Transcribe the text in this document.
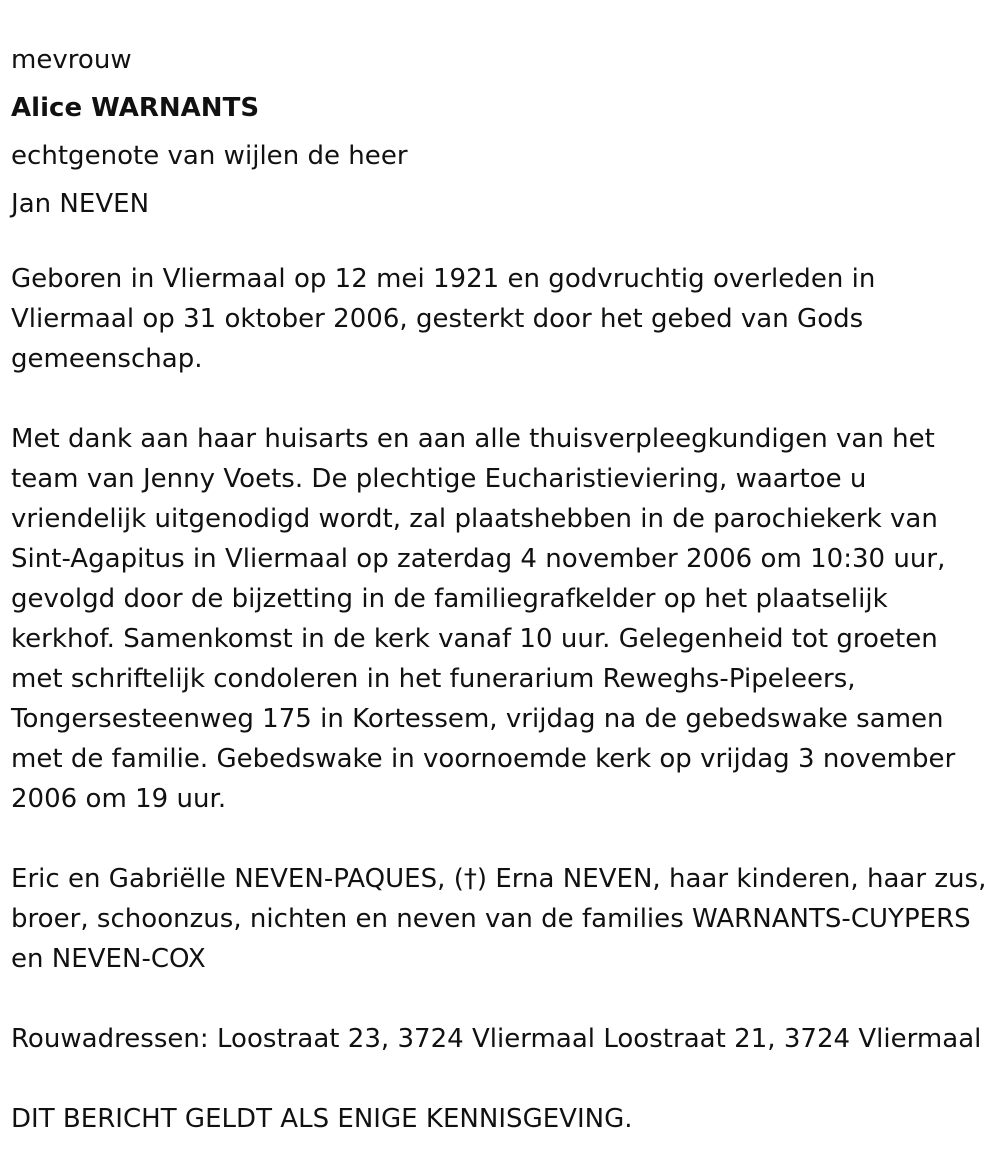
mevrouw
Alice WARNANTS
echtgenote van wijlen de heer
Jan NEVEN
Geboren in Vliermaal op 12 mei 1921 en godvruchtig overleden in Vliermaal op 31 oktober 2006, gesterkt door het gebed van Gods gemeenschap.
Met dank aan haar huisarts en aan alle thuisverpleegkundigen van het team van Jenny Voets. De plechtige Eucharistieviering, waartoe u vriendelijk uitgenodigd wordt, zal plaatshebben in de parochiekerk van Sint-Agapitus in Vliermaal op zaterdag 4 november 2006 om 10:30 uur, gevolgd door de bijzetting in de familiegrafkelder op het plaatselijk kerkhof. Samenkomst in de kerk vanaf 10 uur. Gelegenheid tot groeten met schriftelijk condoleren in het funerarium Reweghs-Pipeleers, Tongersesteenweg 175 in Kortessem, vrijdag na de gebedswake samen met de familie. Gebedswake in voornoemde kerk op vrijdag 3 november 2006 om 19 uur.
Eric en Gabriëlle NEVEN-PAQUES, (†) Erna NEVEN, haar kinderen, haar zus, broer, schoonzus, nichten en neven van de families WARNANTS-CUYPERS en NEVEN-COX
Rouwadressen: Loostraat 23, 3724 Vliermaal Loostraat 21, 3724 Vliermaal
DIT BERICHT GELDT ALS ENIGE KENNISGEVING.
